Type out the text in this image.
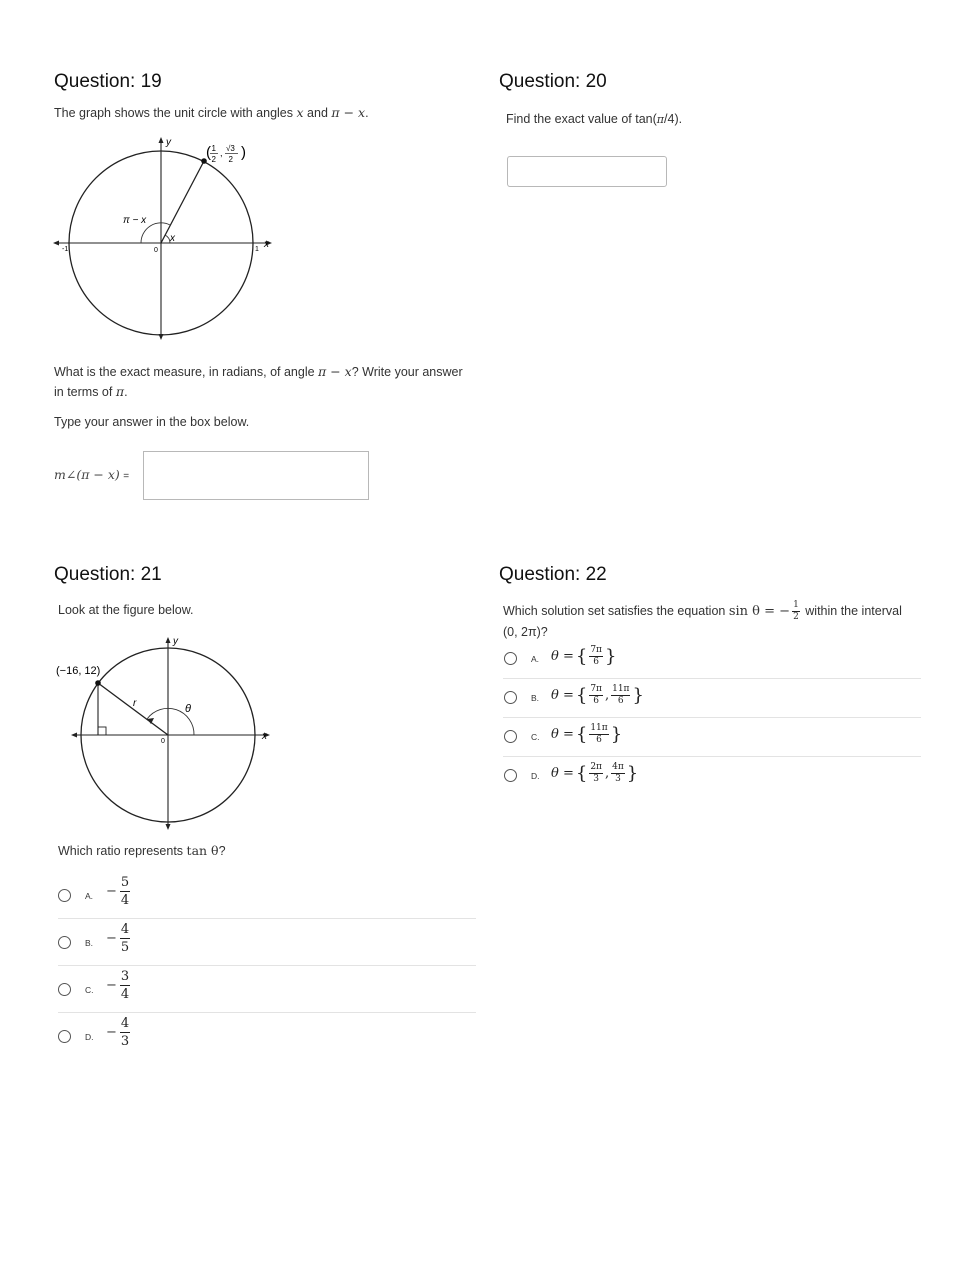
Question: 19
The graph shows the unit circle with angles x and π − x.
y
x
π − x
x
0
-1	1
( 1
2
, √3
2 )
What is the exact measure, in radians, of angle π − x? Write your answer
in terms of π.
Type your answer in the box below.
m∠(π − x) =
Question: 20
Find the exact value of tan(π/4).
Question: 21
Look at the figure below.
y
x
(−16, 12)
r	θ
0
Which ratio represents tan θ?
A. − $\frac{5}{4}$
B. − $\frac{4}{5}$
C. − $\frac{3}{4}$
D. − $\frac{4}{3}$
Question: 22
Which solution set satisfies the equation sin θ = − $\frac{1}{2}$ within the interval
(0, 2π)?
A. θ = { $\frac{7\pi}{6}$ }
B. θ = { $\frac{7\pi}{6}$ , $\frac{11\pi}{6}$ }
C. θ = { $\frac{11\pi}{6}$ }
D. θ = { $\frac{2\pi}{3}$ , $\frac{4\pi}{3}$ }
